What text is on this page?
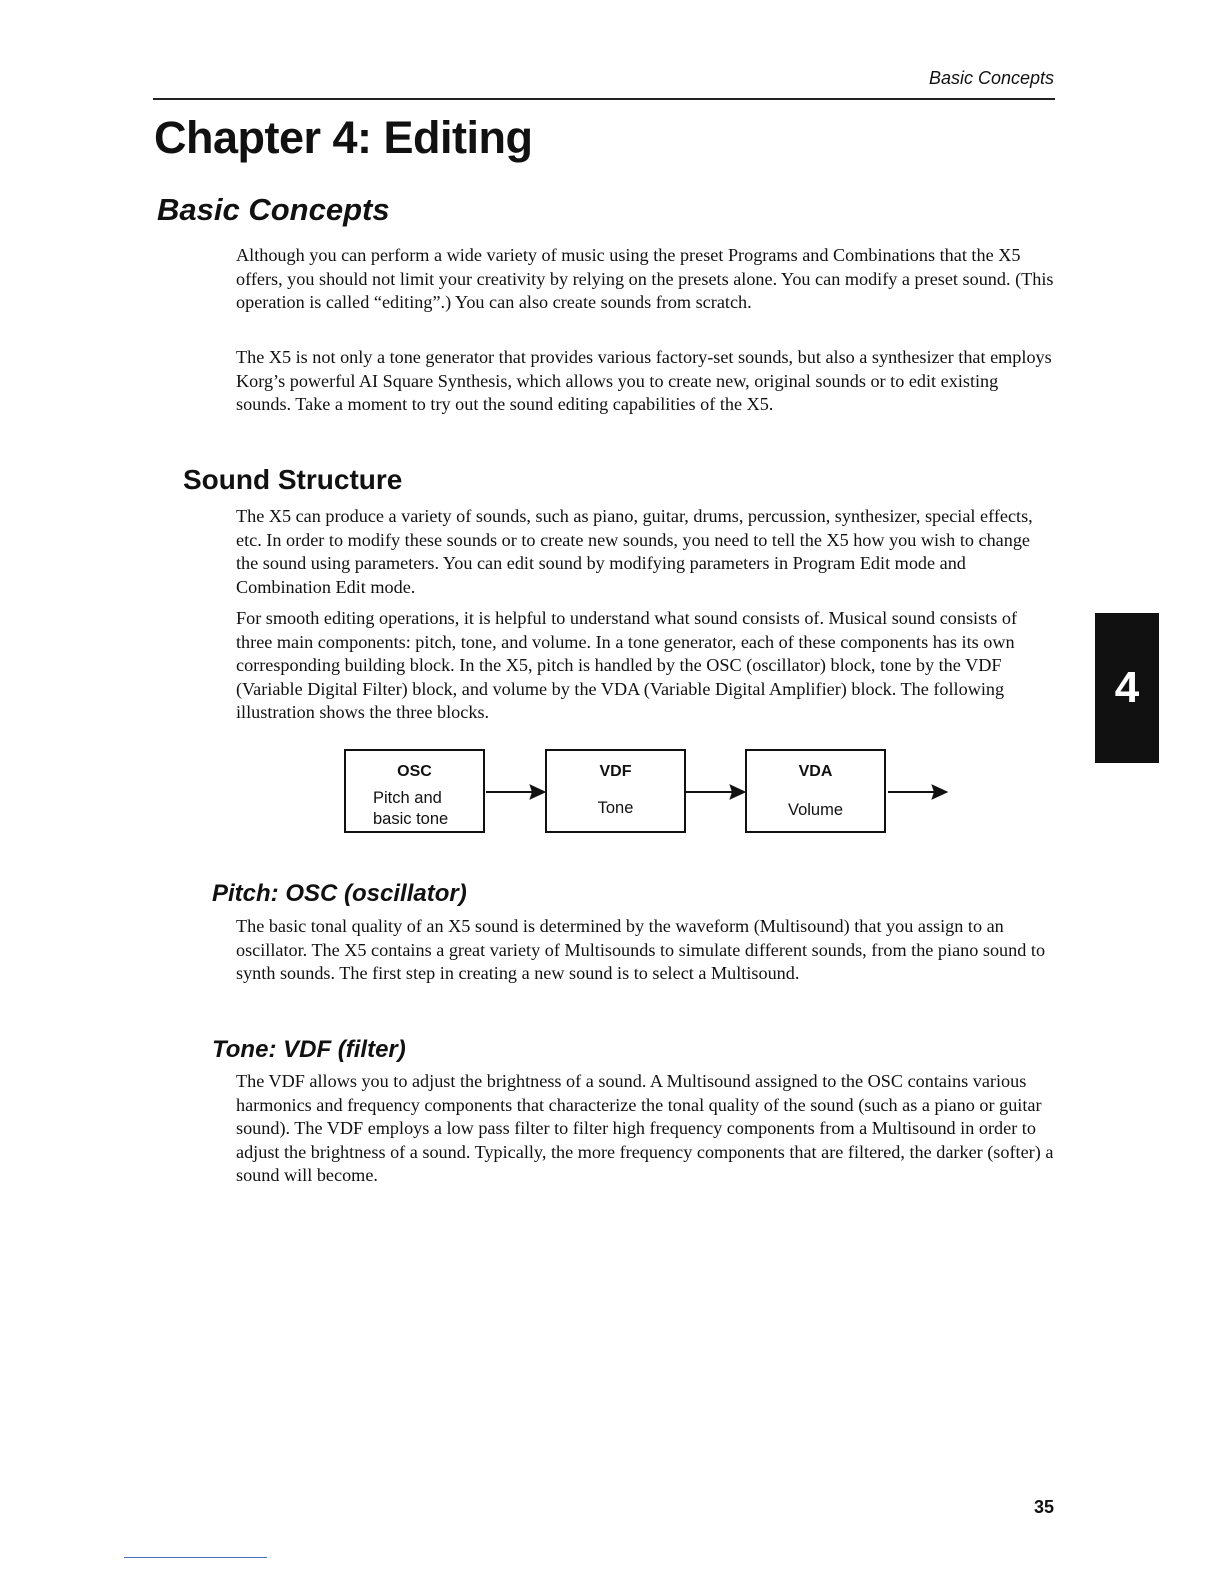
Basic Concepts
Chapter 4: Editing
Basic Concepts

Although you can perform a wide variety of music using the preset Programs and Combinations that the X5 offers, you should not limit your creativity by relying on the presets alone. You can modify a preset sound. (This operation is called “editing”.) You can also create sounds from scratch.

The X5 is not only a tone generator that provides various factory-set sounds, but also a synthesizer that employs Korg’s powerful AI Square Synthesis, which allows you to create new, original sounds or to edit existing sounds. Take a moment to try out the sound editing capabilities of the X5.

Sound Structure

The X5 can produce a variety of sounds, such as piano, guitar, drums, percussion, synthesizer, special effects, etc. In order to modify these sounds or to create new sounds, you need to tell the X5 how you wish to change the sound using parameters. You can edit sound by modifying parameters in Program Edit mode and Combination Edit mode.

For smooth editing operations, it is helpful to understand what sound consists of. Musical sound consists of three main components: pitch, tone, and volume. In a tone generator, each of these components has its own corresponding building block. In the X5, pitch is handled by the OSC (oscillator) block, tone by the VDF (Variable Digital Filter) block, and volume by the VDA (Variable Digital Amplifier) block. The following illustration shows the three blocks.

4
OSC
Pitch and
basic tone
VDF
Tone
VDA
Volume
Pitch: OSC (oscillator)

The basic tonal quality of an X5 sound is determined by the waveform (Multisound) that you assign to an oscillator. The X5 contains a great variety of Multisounds to simulate different sounds, from the piano sound to synth sounds. The first step in creating a new sound is to select a Multisound.

Tone: VDF (filter)

The VDF allows you to adjust the brightness of a sound. A Multisound assigned to the OSC contains various harmonics and frequency components that characterize the tonal quality of the sound (such as a piano or guitar sound). The VDF employs a low pass filter to filter high frequency components from a Multisound in order to adjust the brightness of a sound. Typically, the more frequency components that are filtered, the darker (softer) a sound will become.

35
